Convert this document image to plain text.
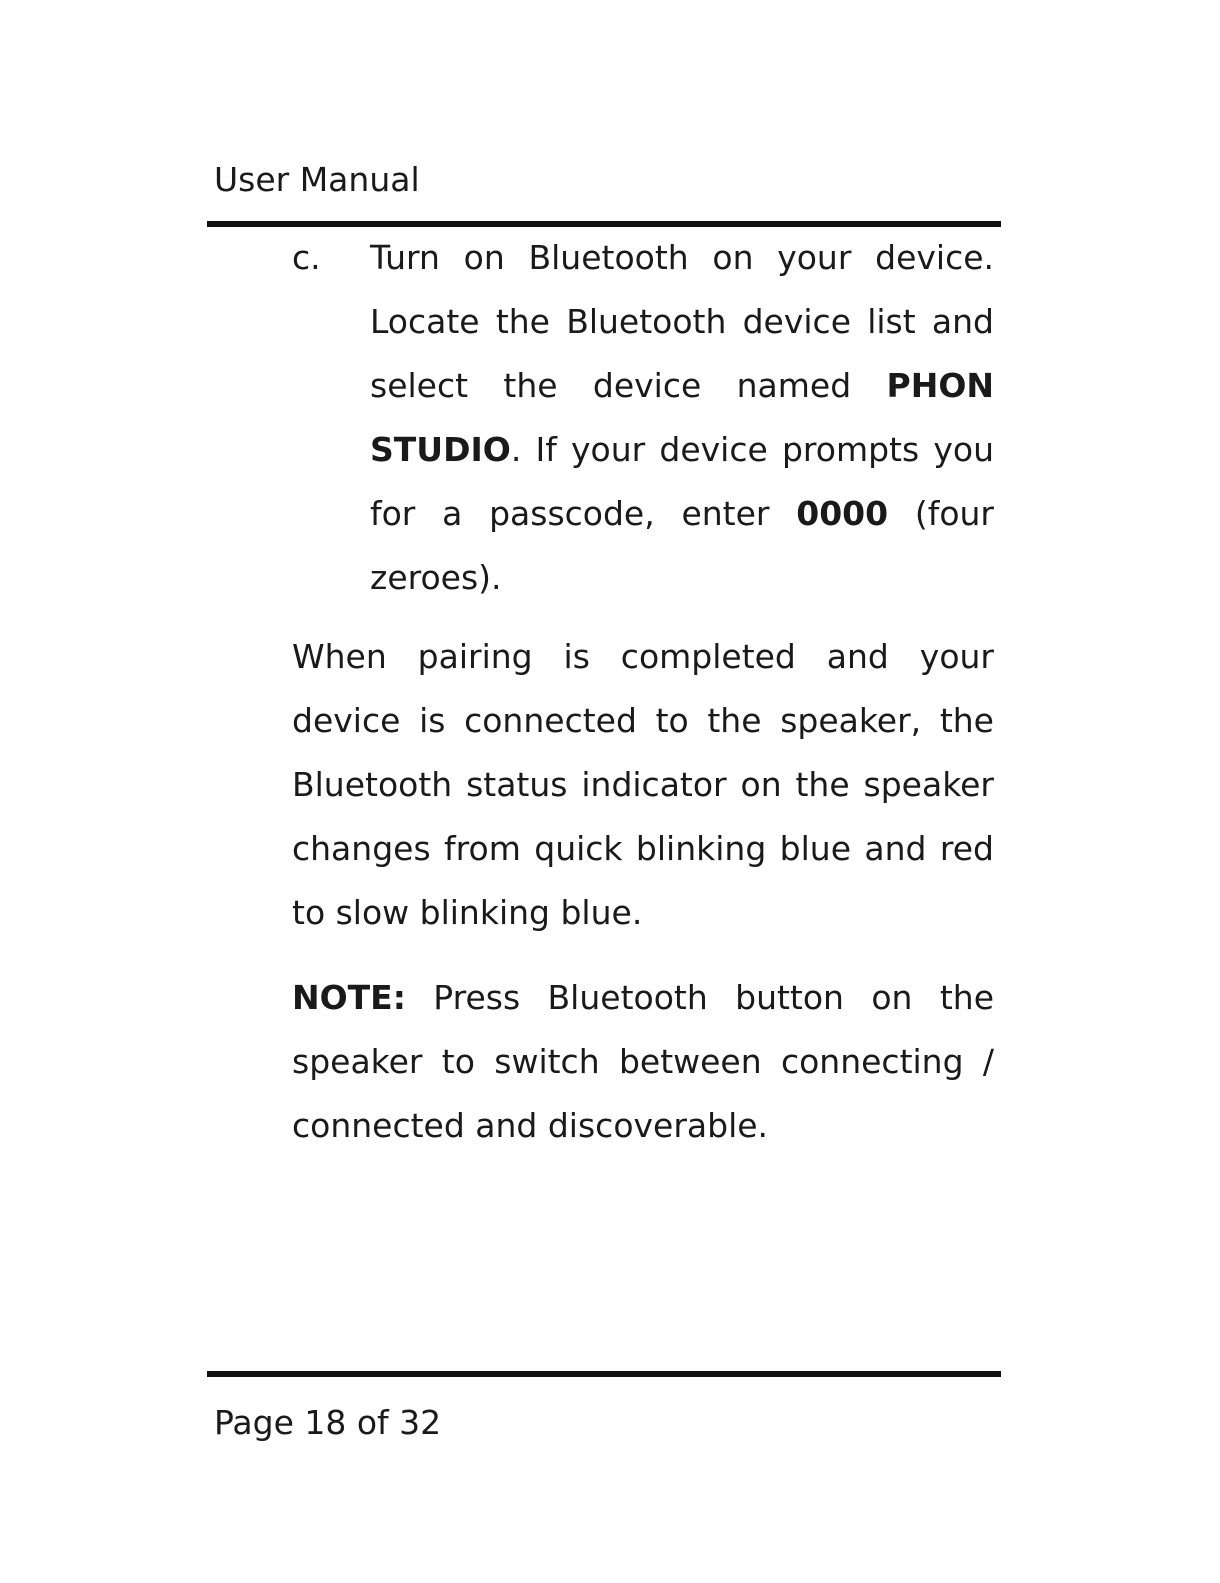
User Manual
c. Turn on Bluetooth on your device. Locate the Bluetooth device list and select the device named PHON STUDIO. If your device prompts you for a passcode, enter 0000 (four zeroes).
When pairing is completed and your device is connected to the speaker, the Bluetooth status indicator on the speaker changes from quick blinking blue and red to slow blinking blue.
NOTE: Press Bluetooth button on the speaker to switch between connecting / connected and discoverable.
Page 18 of 32
